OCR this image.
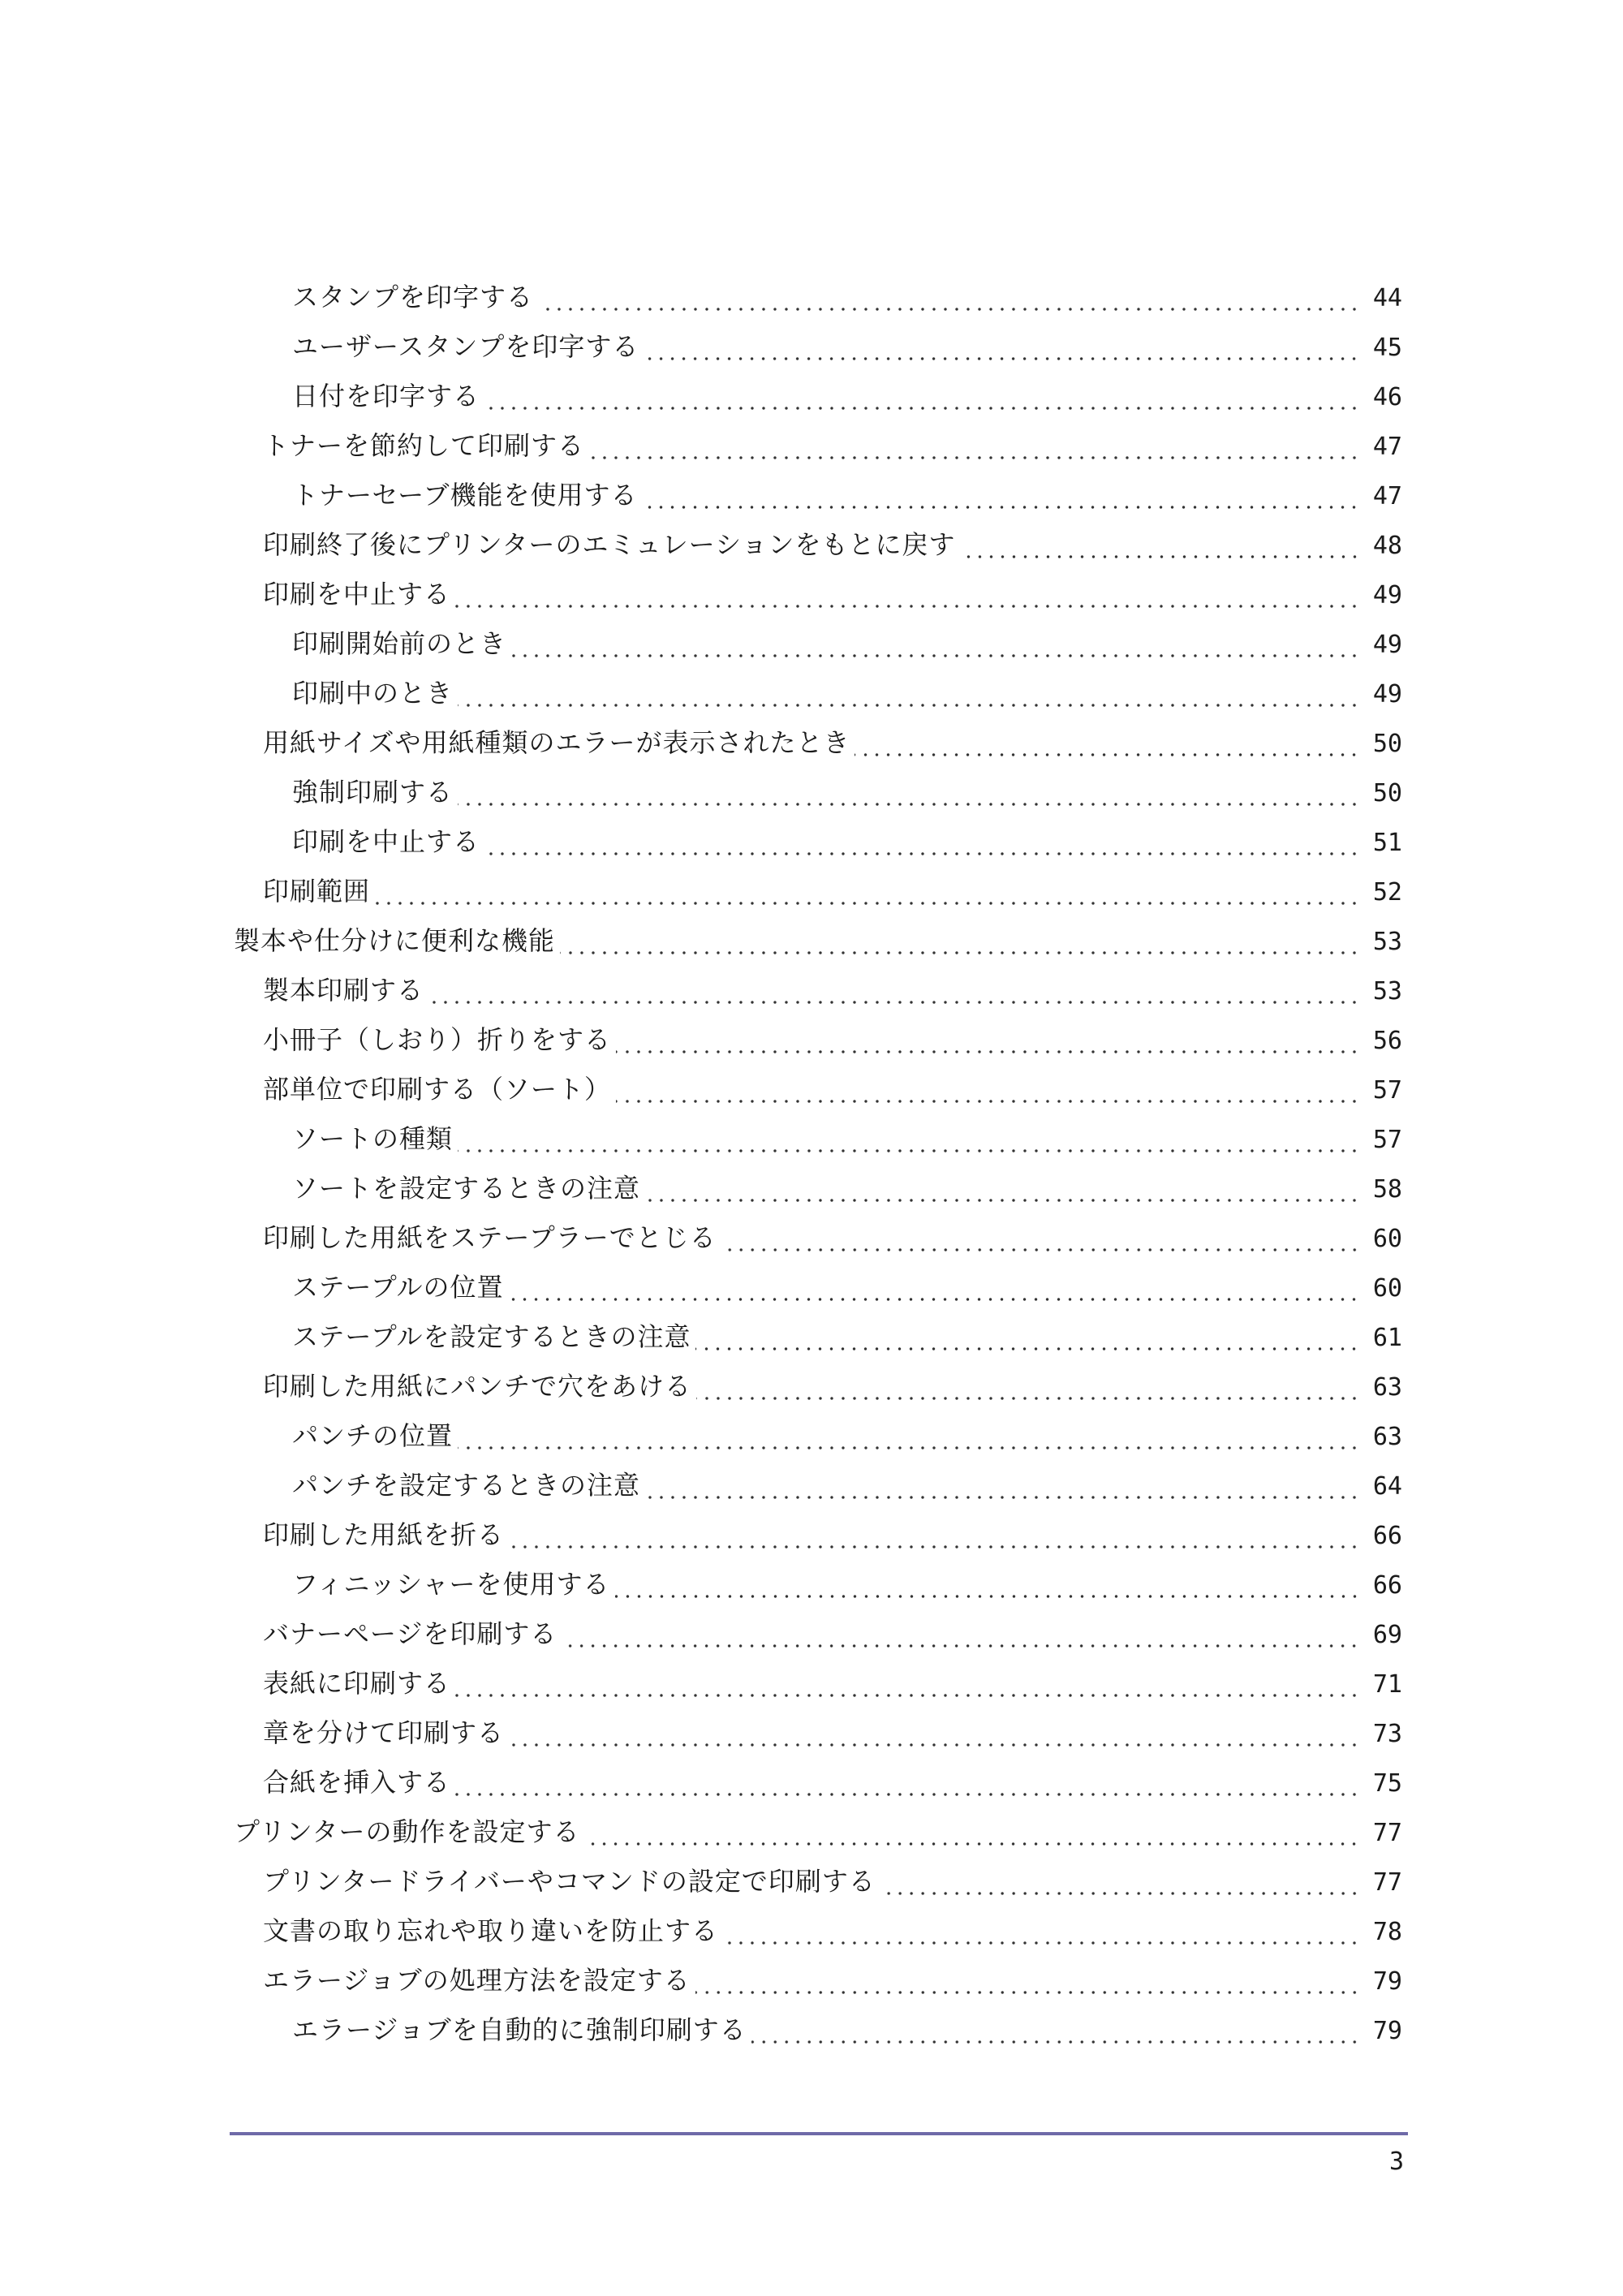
スタンプを印字する	44
ユーザースタンプを印字する	45
日付を印字する	46
トナーを節約して印刷する	47
トナーセーブ機能を使用する	47
印刷終了後にプリンターのエミュレーションをもとに戻す	48
印刷を中止する	49
印刷開始前のとき	49
印刷中のとき	49
用紙サイズや用紙種類のエラーが表示されたとき	50
強制印刷する	50
印刷を中止する	51
印刷範囲	52
製本や仕分けに便利な機能	53
製本印刷する	53
小冊子（しおり）折りをする	56
部単位で印刷する（ソート）	57
ソートの種類	57
ソートを設定するときの注意	58
印刷した用紙をステープラーでとじる	60
ステープルの位置	60
ステープルを設定するときの注意	61
印刷した用紙にパンチで穴をあける	63
パンチの位置	63
パンチを設定するときの注意	64
印刷した用紙を折る	66
フィニッシャーを使用する	66
バナーページを印刷する	69
表紙に印刷する	71
章を分けて印刷する	73
合紙を挿入する	75
プリンターの動作を設定する	77
プリンタードライバーやコマンドの設定で印刷する	77
文書の取り忘れや取り違いを防止する	78
エラージョブの処理方法を設定する	79
エラージョブを自動的に強制印刷する	79
3
